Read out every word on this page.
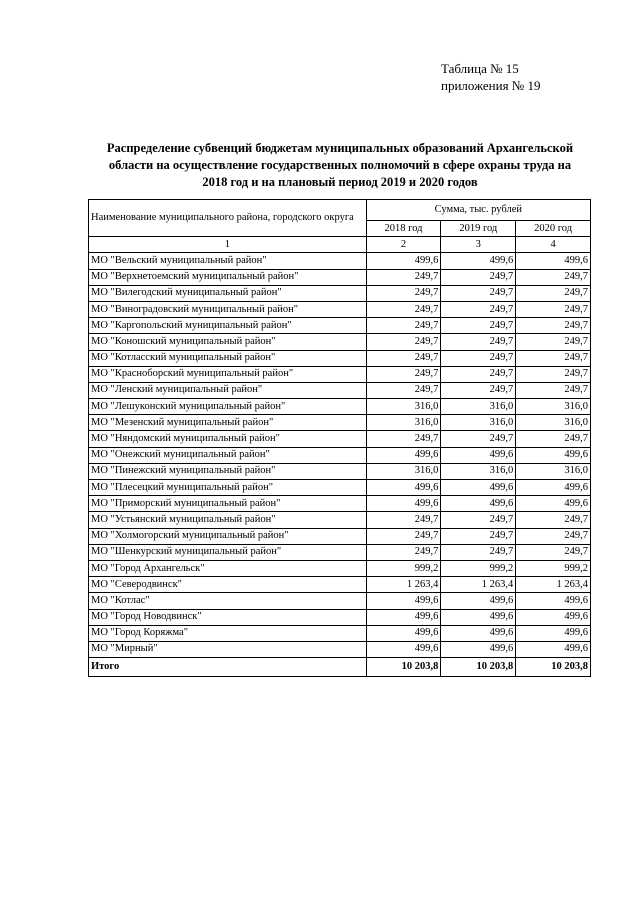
Таблица № 15
приложения № 19
Распределение субвенций бюджетам муниципальных образований Архангельской
области на осуществление государственных полномочий в сфере охраны труда на
2018 год и на плановый период 2019 и 2020 годов
Наименование муниципального района, городского округа	Сумма, тыс. рублей		
	2018 год	2019 год	2020 год
1	2	3	4
МО "Вельский муниципальный район"	499,6	499,6	499,6
МО "Верхнетоемский муниципальный район"	249,7	249,7	249,7
МО "Вилегодский муниципальный район"	249,7	249,7	249,7
МО "Виноградовский муниципальный район"	249,7	249,7	249,7
МО "Каргопольский муниципальный район"	249,7	249,7	249,7
МО "Коношский муниципальный район"	249,7	249,7	249,7
МО "Котласский муниципальный район"	249,7	249,7	249,7
МО "Красноборский муниципальный район"	249,7	249,7	249,7
МО "Ленский муниципальный район"	249,7	249,7	249,7
МО "Лешуконский муниципальный район"	316,0	316,0	316,0
МО "Мезенский муниципальный район"	316,0	316,0	316,0
МО "Няндомский муниципальный район"	249,7	249,7	249,7
МО "Онежский муниципальный район"	499,6	499,6	499,6
МО "Пинежский муниципальный район"	316,0	316,0	316,0
МО "Плесецкий муниципальный район"	499,6	499,6	499,6
МО "Приморский муниципальный район"	499,6	499,6	499,6
МО "Устьянский муниципальный район"	249,7	249,7	249,7
МО "Холмогорский муниципальный район"	249,7	249,7	249,7
МО "Шенкурский муниципальный район"	249,7	249,7	249,7
МО "Город Архангельск"	999,2	999,2	999,2
МО "Северодвинск"	1 263,4	1 263,4	1 263,4
МО "Котлас"	499,6	499,6	499,6
МО "Город Новодвинск"	499,6	499,6	499,6
МО "Город Коряжма"	499,6	499,6	499,6
МО "Мирный"	499,6	499,6	499,6
Итого	10 203,8	10 203,8	10 203,8
